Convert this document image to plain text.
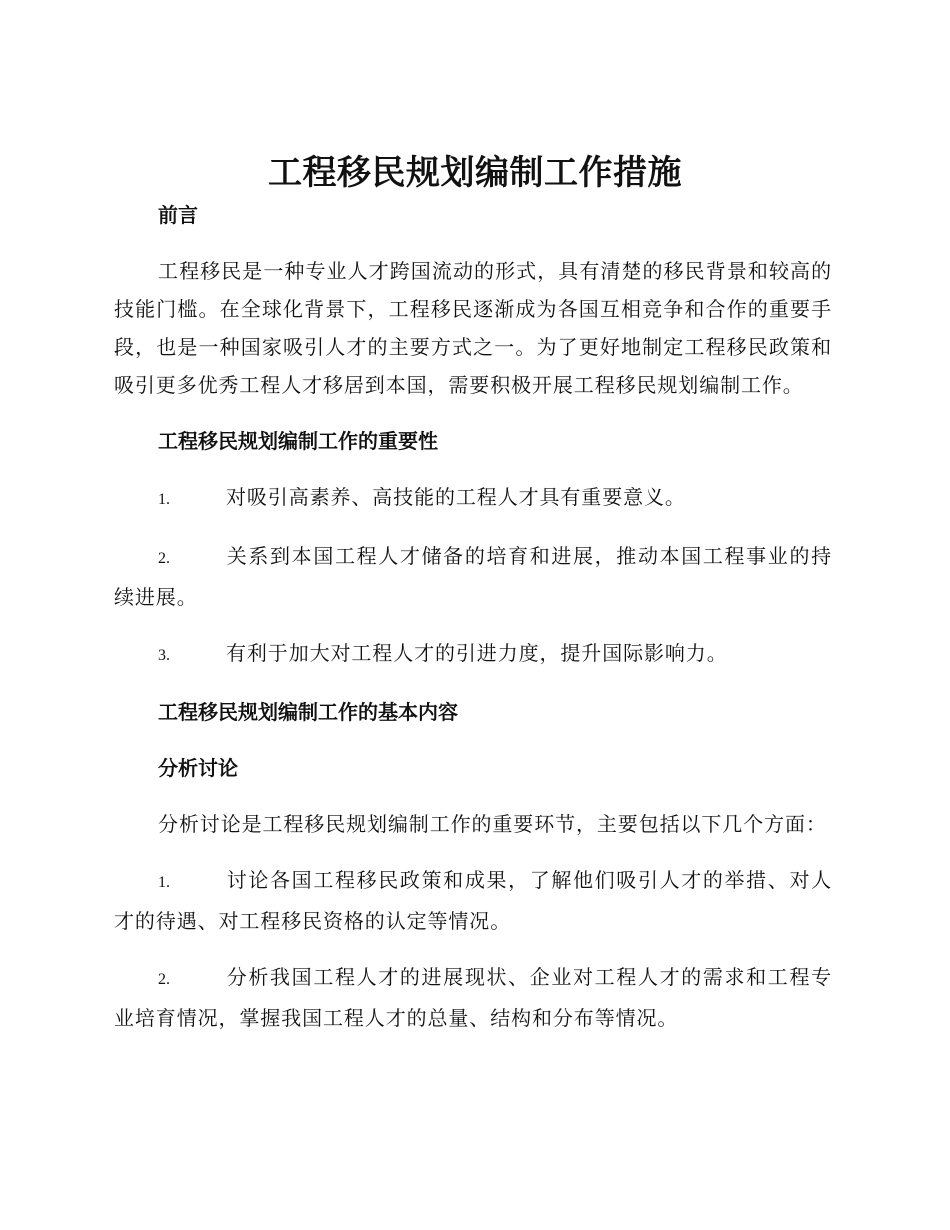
工程移民规划编制工作措施
前言
工程移民是一种专业人才跨国流动的形式，具有清楚的移民背景和较高的技能门槛。在全球化背景下，工程移民逐渐成为各国互相竞争和合作的重要手段，也是一种国家吸引人才的主要方式之一。为了更好地制定工程移民政策和吸引更多优秀工程人才移居到本国，需要积极开展工程移民规划编制工作。
工程移民规划编制工作的重要性
1.	对吸引高素养、高技能的工程人才具有重要意义。
2.	关系到本国工程人才储备的培育和进展，推动本国工程事业的持续进展。
3.	有利于加大对工程人才的引进力度，提升国际影响力。
工程移民规划编制工作的基本内容
分析讨论
分析讨论是工程移民规划编制工作的重要环节，主要包括以下几个方面：
1.	讨论各国工程移民政策和成果，了解他们吸引人才的举措、对人才的待遇、对工程移民资格的认定等情况。
2.	分析我国工程人才的进展现状、企业对工程人才的需求和工程专业培育情况，掌握我国工程人才的总量、结构和分布等情况。
